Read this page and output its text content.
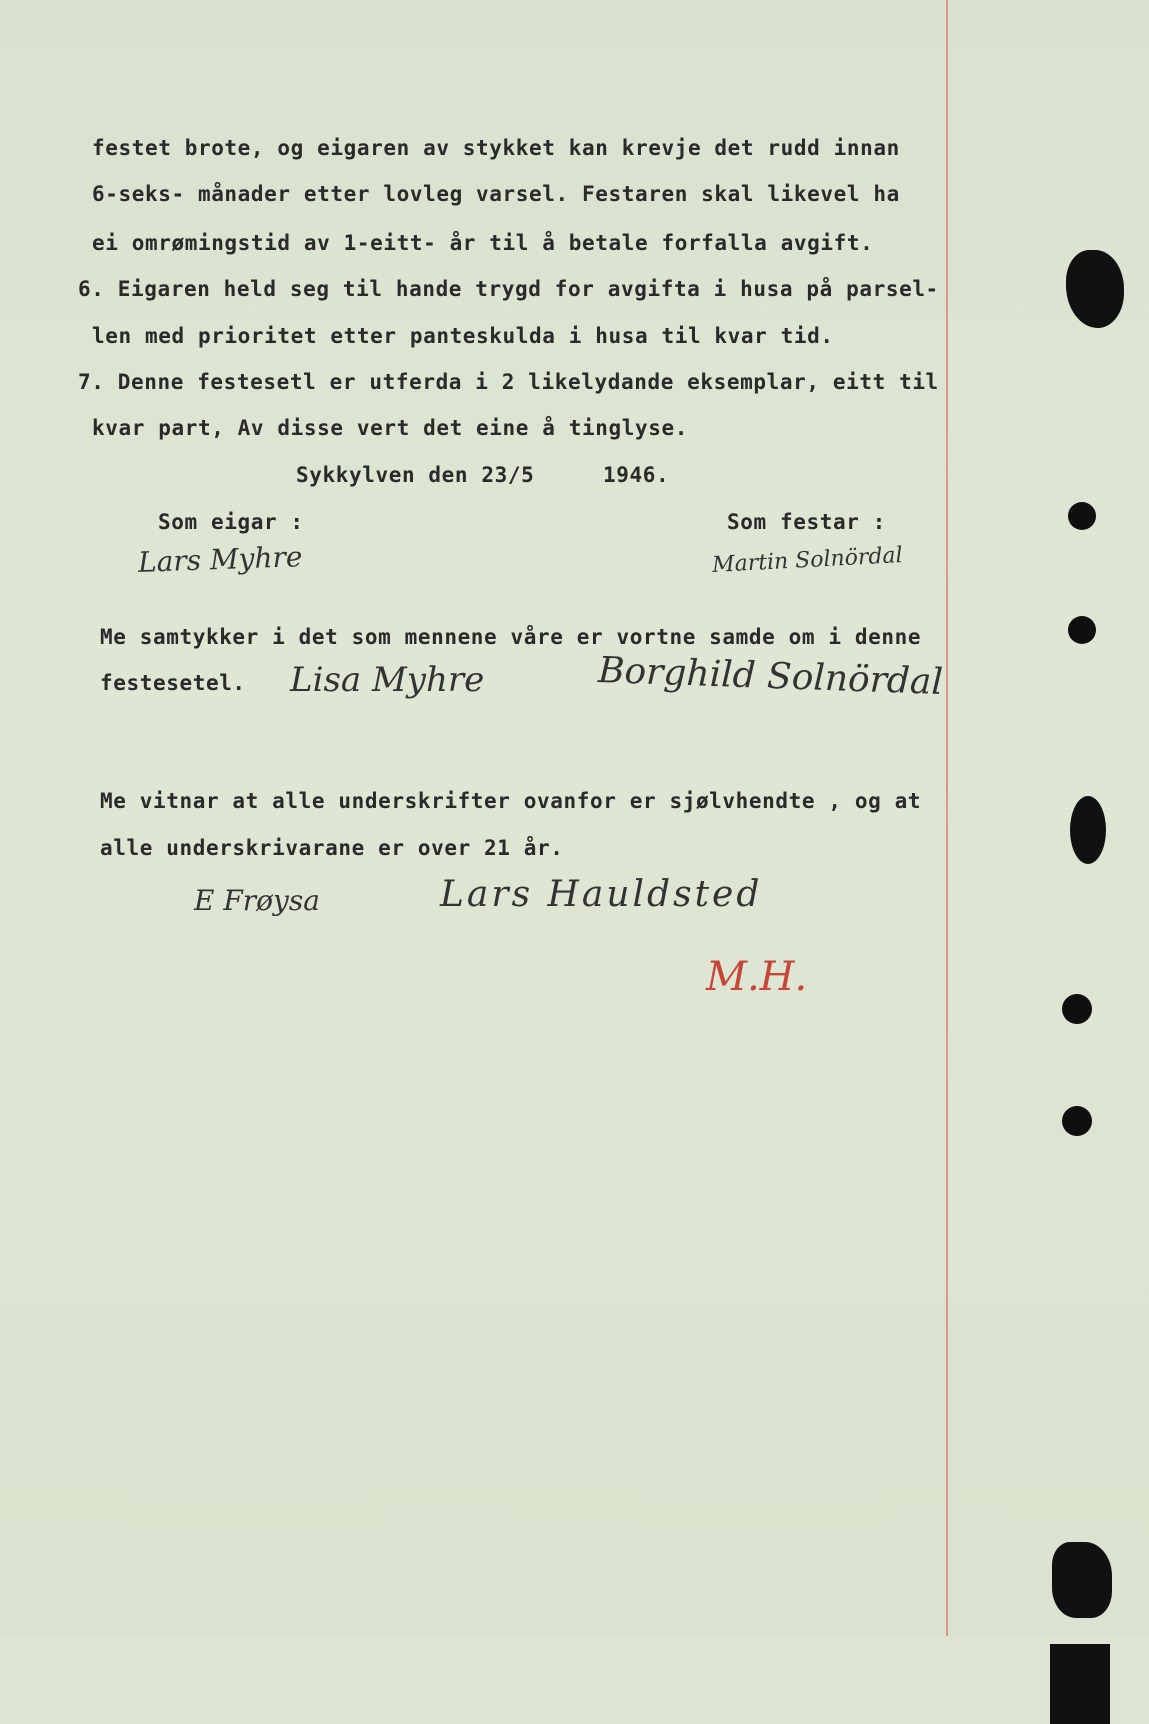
festet brote, og eigaren av stykket kan krevje det rudd innan
6-seks- månader etter lovleg varsel. Festaren skal likevel ha
ei omrømingstid av 1-eitt- år til å betale forfalla avgift.
6. Eigaren held seg til hande trygd for avgifta i husa på parsel-
len med prioritet etter panteskulda i husa til kvar tid.
7. Denne festesetl er utferdа i 2 likelydande eksemplar, eitt til
kvar part, Av disse vert det eine å tinglyse.
Sykkylven den 23/5	1946.
Som eigar :	Som festar :
Lars Myhre	Martin Solnördal
Me samtykker i det som mennene våre er vortne samde om i denne
festesetel. Lisa Myhre	Borghild Solnördal
Me vitnar at alle underskrifter ovanfor er sjølvhendte , og at
alle underskrivarane er over 21 år.
E Frøysa	Lars Hauldsted
M.H.
